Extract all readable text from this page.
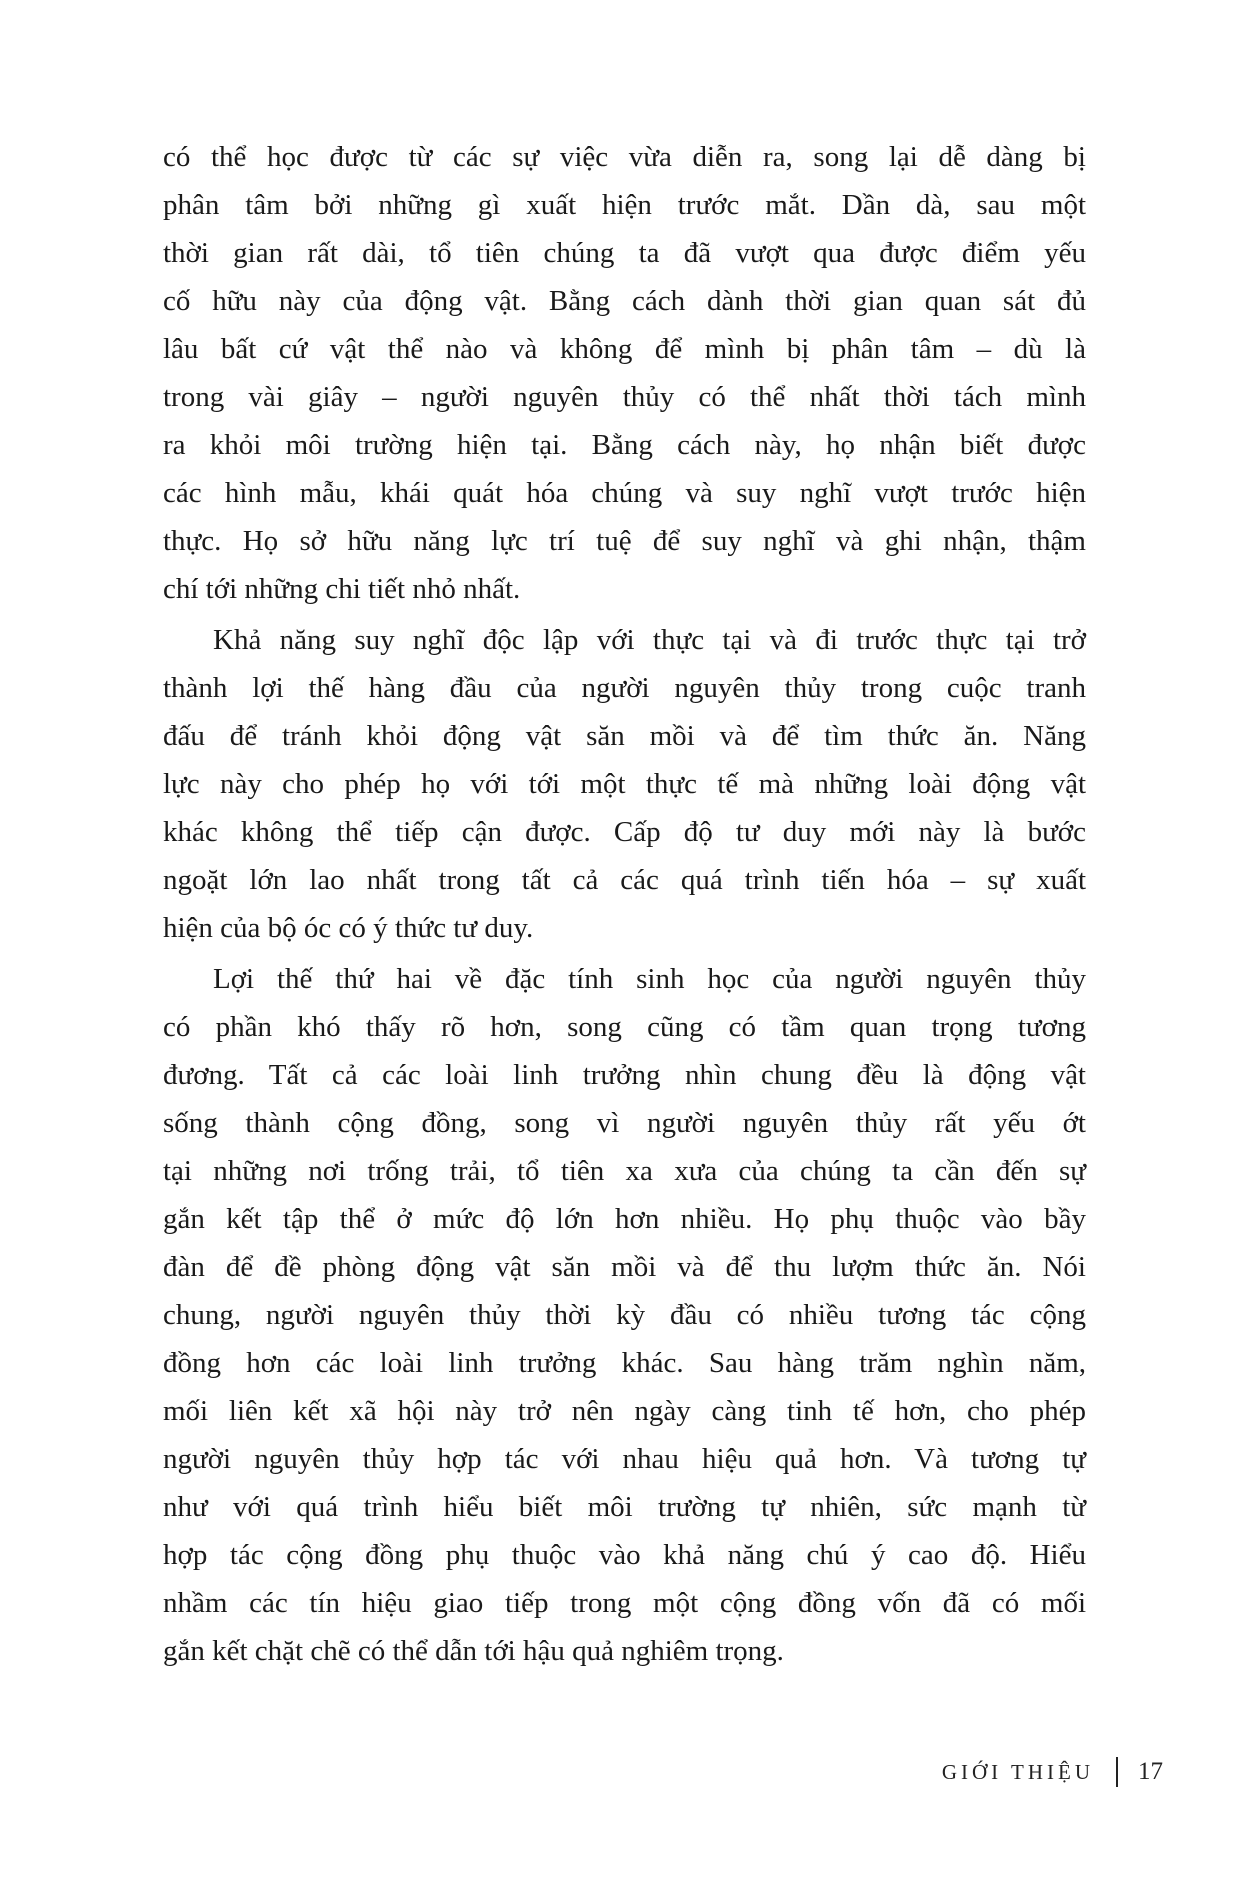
có thể học được từ các sự việc vừa diễn ra, song lại dễ dàng bị
phân tâm bởi những gì xuất hiện trước mắt. Dần dà, sau một
thời gian rất dài, tổ tiên chúng ta đã vượt qua được điểm yếu
cố hữu này của động vật. Bằng cách dành thời gian quan sát đủ
lâu bất cứ vật thể nào và không để mình bị phân tâm – dù là
trong vài giây – người nguyên thủy có thể nhất thời tách mình
ra khỏi môi trường hiện tại. Bằng cách này, họ nhận biết được
các hình mẫu, khái quát hóa chúng và suy nghĩ vượt trước hiện
thực. Họ sở hữu năng lực trí tuệ để suy nghĩ và ghi nhận, thậm
chí tới những chi tiết nhỏ nhất.
Khả năng suy nghĩ độc lập với thực tại và đi trước thực tại trở
thành lợi thế hàng đầu của người nguyên thủy trong cuộc tranh
đấu để tránh khỏi động vật săn mồi và để tìm thức ăn. Năng
lực này cho phép họ với tới một thực tế mà những loài động vật
khác không thể tiếp cận được. Cấp độ tư duy mới này là bước
ngoặt lớn lao nhất trong tất cả các quá trình tiến hóa – sự xuất
hiện của bộ óc có ý thức tư duy.
Lợi thế thứ hai về đặc tính sinh học của người nguyên thủy
có phần khó thấy rõ hơn, song cũng có tầm quan trọng tương
đương. Tất cả các loài linh trưởng nhìn chung đều là động vật
sống thành cộng đồng, song vì người nguyên thủy rất yếu ớt
tại những nơi trống trải, tổ tiên xa xưa của chúng ta cần đến sự
gắn kết tập thể ở mức độ lớn hơn nhiều. Họ phụ thuộc vào bầy
đàn để đề phòng động vật săn mồi và để thu lượm thức ăn. Nói
chung, người nguyên thủy thời kỳ đầu có nhiều tương tác cộng
đồng hơn các loài linh trưởng khác. Sau hàng trăm nghìn năm,
mối liên kết xã hội này trở nên ngày càng tinh tế hơn, cho phép
người nguyên thủy hợp tác với nhau hiệu quả hơn. Và tương tự
như với quá trình hiểu biết môi trường tự nhiên, sức mạnh từ
hợp tác cộng đồng phụ thuộc vào khả năng chú ý cao độ. Hiểu
nhầm các tín hiệu giao tiếp trong một cộng đồng vốn đã có mối
gắn kết chặt chẽ có thể dẫn tới hậu quả nghiêm trọng.
GIỚI THIỆU 17
